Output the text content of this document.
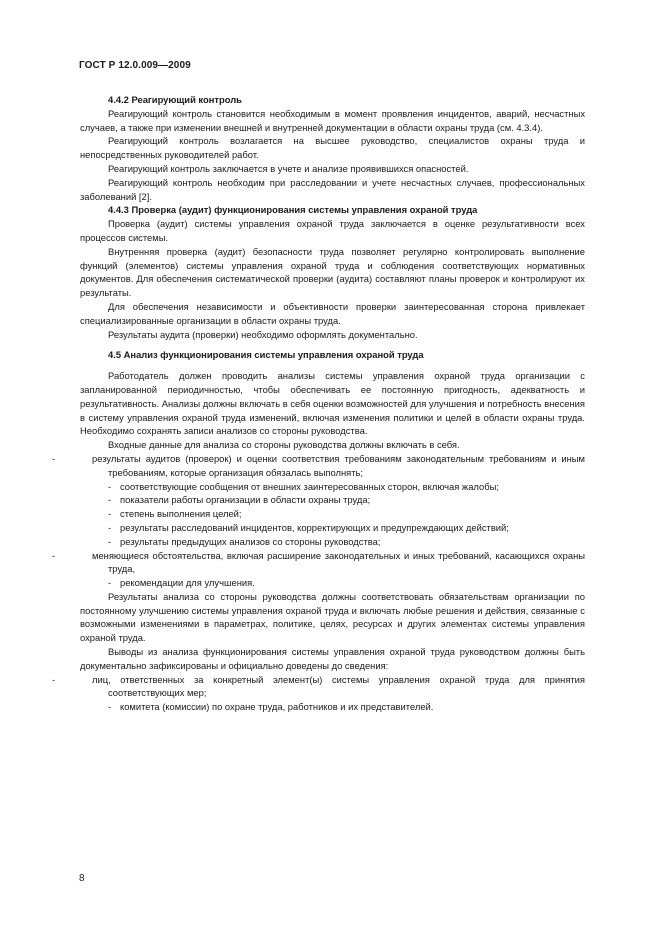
ГОСТ Р 12.0.009—2009

4.4.2 Реагирующий контроль

Реагирующий контроль становится необходимым в момент проявления инцидентов, аварий, несчастных случаев, а также при изменении внешней и внутренней документации в области охраны труда (см. 4.3.4).

Реагирующий контроль возлагается на высшее руководство, специалистов охраны труда и непосредственных руководителей работ.

Реагирующий контроль заключается в учете и анализе проявившихся опасностей.

Реагирующий контроль необходим при расследовании и учете несчастных случаев, профессиональных заболеваний [2].

4.4.3 Проверка (аудит) функционирования системы управления охраной труда

Проверка (аудит) системы управления охраной труда заключается в оценке результативности всех процессов системы.

Внутренняя проверка (аудит) безопасности труда позволяет регулярно контролировать выполнение функций (элементов) системы управления охраной труда и соблюдения соответствующих нормативных документов. Для обеспечения систематической проверки (аудита) составляют планы проверок и контролируют их результаты.

Для обеспечения независимости и объективности проверки заинтересованная сторона привлекает специализированные организации в области охраны труда.

Результаты аудита (проверки) необходимо оформлять документально.

4.5 Анализ функционирования системы управления охраной труда

Работодатель должен проводить анализы системы управления охраной труда организации с запланированной периодичностью, чтобы обеспечивать ее постоянную пригодность, адекватность и результативность. Анализы должны включать в себя оценки возможностей для улучшения и потребность внесения в систему управления охраной труда изменений, включая изменения политики и целей в области охраны труда. Необходимо сохранять записи анализов со стороны руководства.

Входные данные для анализа со стороны руководства должны включать в себя.

-	результаты аудитов (проверок) и оценки соответствия требованиям законодательным требованиям и иным требованиям, которые организация обязалась выполнять;

- соответствующие сообщения от внешних заинтересованных сторон, включая жалобы;

- показатели работы организации в области охраны труда;

- степень выполнения целей;

- результаты расследований инцидентов, корректирующих и предупреждающих действий;

- результаты предыдущих анализов со стороны руководства;

-	меняющиеся обстоятельства, включая расширение законодательных и иных требований, касающихся охраны труда,

- рекомендации для улучшения.

Результаты анализа со стороны руководства должны соответствовать обязательствам организации по постоянному улучшению системы управления охраной труда и включать любые решения и действия, связанные с возможными изменениями в параметрах, политике, целях, ресурсах и других элементах системы управления охраной труда.

Выводы из анализа функционирования системы управления охраной труда руководством должны быть документально зафиксированы и официально доведены до сведения:

-	лиц, ответственных за конкретный элемент(ы) системы управления охраной труда для принятия соответствующих мер;

- комитета (комиссии) по охране труда, работников и их представителей.

8
